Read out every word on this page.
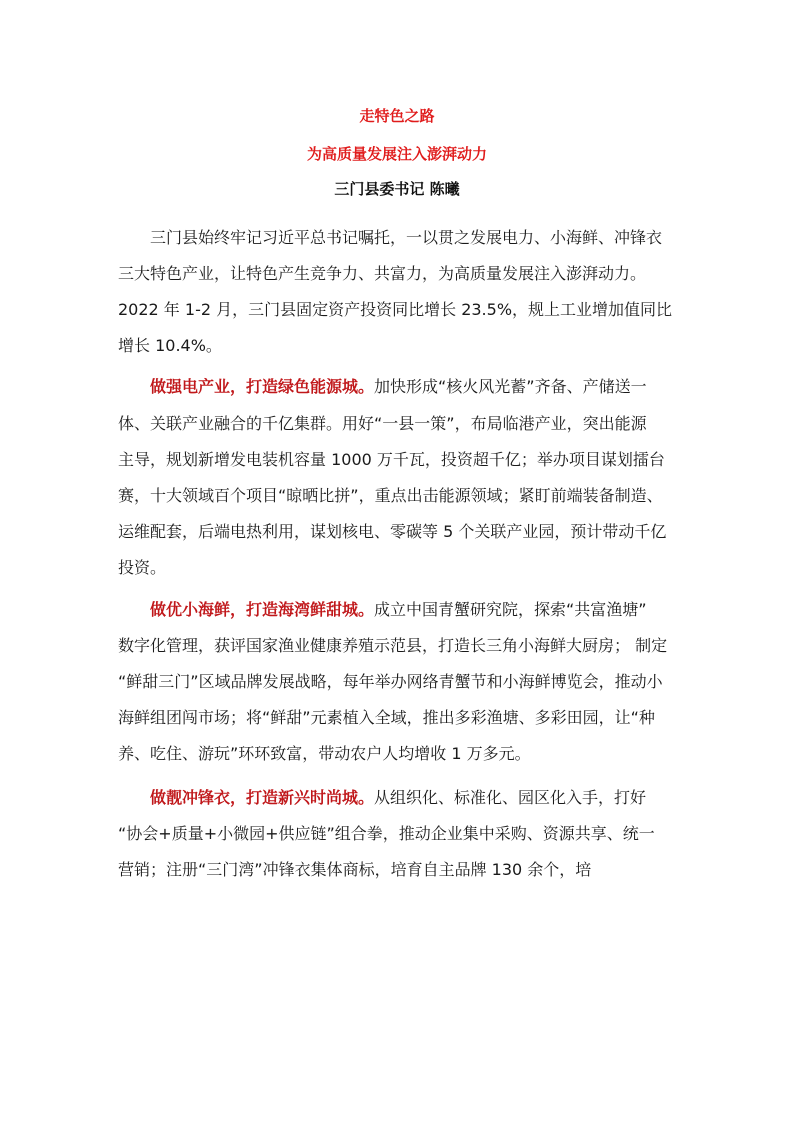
走特色之路
为高质量发展注入澎湃动力
三门县委书记 陈曦
三门县始终牢记习近平总书记嘱托，一以贯之发展电力、小海鲜、冲锋衣
三大特色产业，让特色产生竞争力、共富力，为高质量发展注入澎湃动力。
2022 年 1-2 月，三门县固定资产投资同比增长 23.5%，规上工业增加值同比
增长 10.4%。
做强电产业，打造绿色能源城。加快形成“核火风光蓄”齐备、产储送一
体、关联产业融合的千亿集群。用好“一县一策”，布局临港产业，突出能源
主导，规划新增发电装机容量 1000 万千瓦，投资超千亿；举办项目谋划擂台
赛，十大领域百个项目“晾晒比拼”，重点出击能源领域；紧盯前端装备制造、
运维配套，后端电热利用，谋划核电、零碳等 5 个关联产业园，预计带动千亿
投资。
做优小海鲜，打造海湾鲜甜城。成立中国青蟹研究院，探索“共富渔塘”
数字化管理，获评国家渔业健康养殖示范县，打造长三角小海鲜大厨房； 制定
“鲜甜三门”区域品牌发展战略，每年举办网络青蟹节和小海鲜博览会，推动小
海鲜组团闯市场；将“鲜甜”元素植入全域，推出多彩渔塘、多彩田园，让“种
养、吃住、游玩”环环致富，带动农户人均增收 1 万多元。
做靓冲锋衣，打造新兴时尚城。从组织化、标准化、园区化入手，打好
“协会+质量+小微园+供应链”组合拳，推动企业集中采购、资源共享、统一
营销；注册“三门湾”冲锋衣集体商标，培育自主品牌 130 余个，培
